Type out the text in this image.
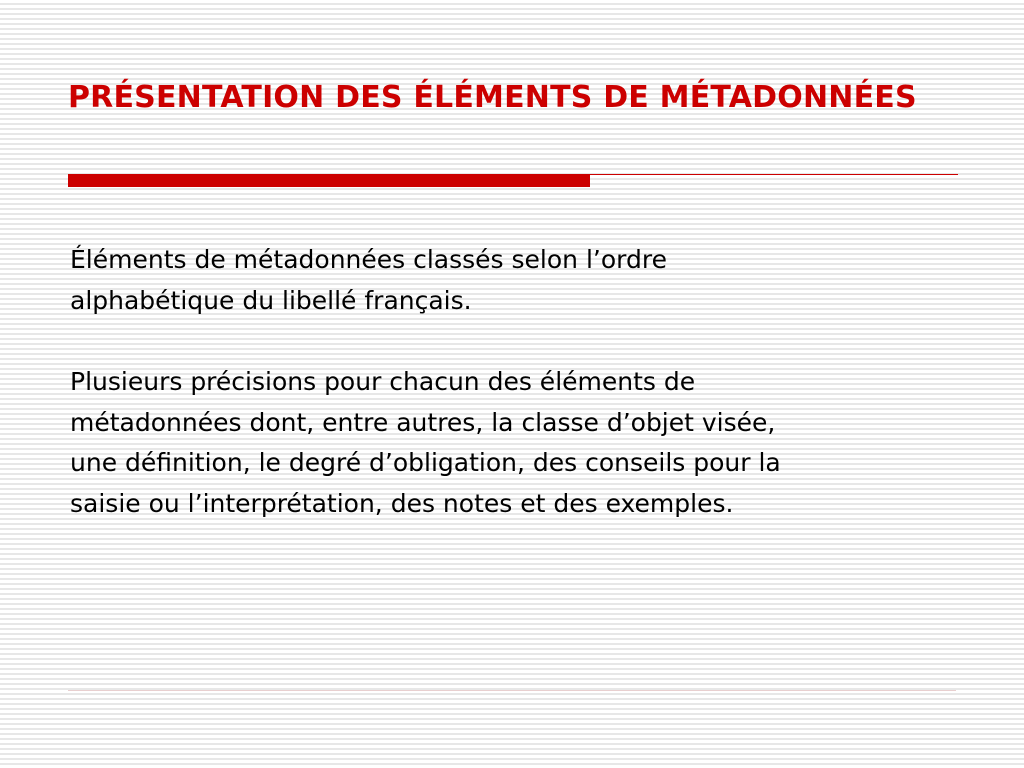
PRÉSENTATION DES ÉLÉMENTS DE MÉTADONNÉES

Éléments de métadonnées classés selon l’ordre
alphabétique du libellé français.

Plusieurs précisions pour chacun des éléments de
métadonnées dont, entre autres, la classe d’objet visée,
une définition, le degré d’obligation, des conseils pour la
saisie ou l’interprétation, des notes et des exemples.
